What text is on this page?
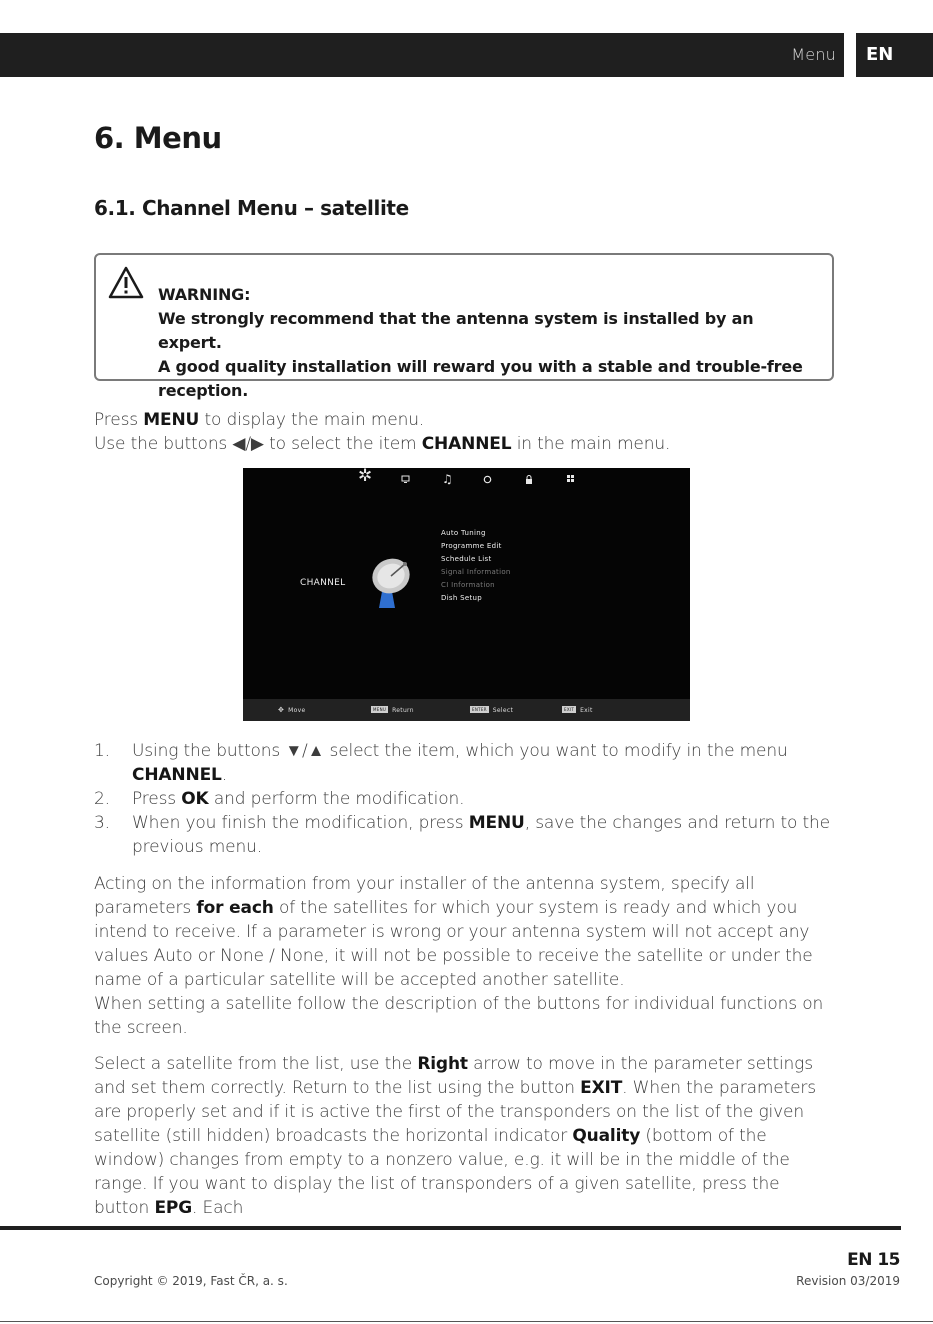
Menu EN
6. Menu
6.1. Channel Menu – satellite
WARNING:
We strongly recommend that the antenna system is installed by an expert.
A good quality installation will reward you with a stable and trouble-free
reception.
Press MENU to display the main menu.
Use the buttons ◀/▶ to select the item CHANNEL in the main menu.
✲	♫
CHANNEL
Auto Tuning
Programme Edit
Schedule List
Signal Information
CI Information
Dish Setup
✥ Move	MENU Return	ENTER Select	EXIT Exit
1. Using the buttons ▼/▲ select the item, which you want to modify in the menu CHANNEL.
2. Press OK and perform the modification.
3. When you finish the modification, press MENU, save the changes and return to the previous menu.
Acting on the information from your installer of the antenna system, specify all parameters for each of the satellites for which your system is ready and which you intend to receive. If a parameter is wrong or your antenna system will not accept any values Auto or None / None, it will not be possible to receive the satellite or under the name of a particular satellite will be accepted another satellite.
When setting a satellite follow the description of the buttons for individual functions on the screen.
Select a satellite from the list, use the Right arrow to move in the parameter settings and set them correctly. Return to the list using the button EXIT. When the parameters are properly set and if it is active the first of the transponders on the list of the given satellite (still hidden) broadcasts the horizontal indicator Quality (bottom of the window) changes from empty to a nonzero value, e.g. it will be in the middle of the range. If you want to display the list of transponders of a given satellite, press the button EPG. Each
EN 15
Copyright © 2019, Fast ČR, a. s.	Revision 03/2019
